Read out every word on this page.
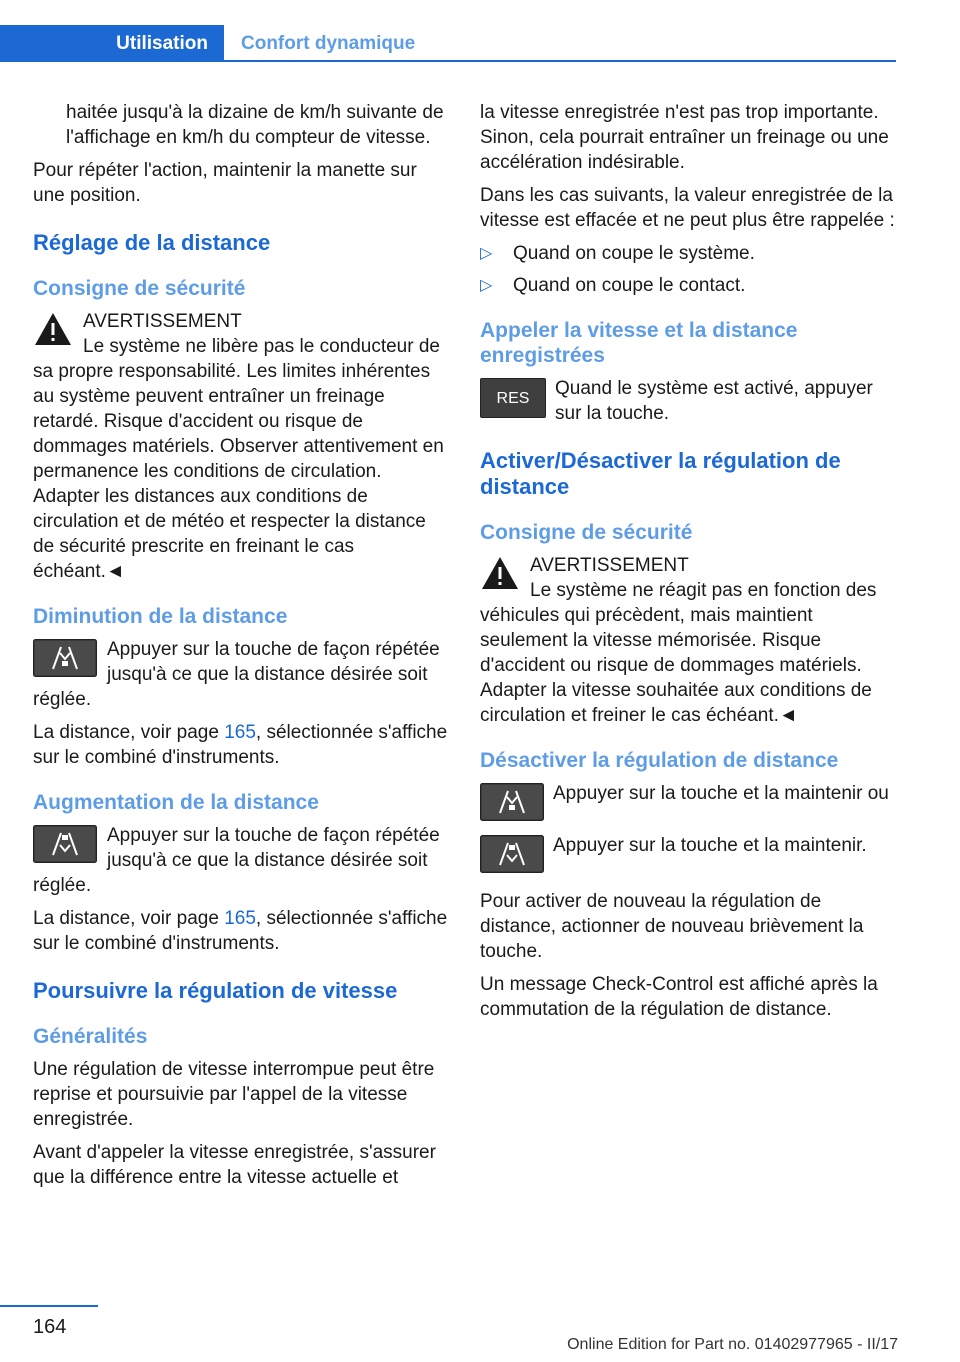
Utilisation	Confort dynamique

haitée jusqu'à la dizaine de km/h suivante de l'affichage en km/h du compteur de vitesse.

Pour répéter l'action, maintenir la manette sur une position.

Réglage de la distance
Consigne de sécurité
AVERTISSEMENT
Le système ne libère pas le conducteur de sa propre responsabilité. Les limites inhérentes au système peuvent entraîner un freinage retardé. Risque d'accident ou risque de dommages matériels. Observer attentivement en permanence les conditions de circulation. Adapter les distances aux conditions de circulation et de météo et respecter la distance de sécurité prescrite en freinant le cas échéant.◄
Diminution de la distance
Appuyer sur la touche de façon répétée jusqu'à ce que la distance désirée soit réglée.

La distance, voir page 165, sélectionnée s'affiche sur le combiné d'instruments.

Augmentation de la distance
Appuyer sur la touche de façon répétée jusqu'à ce que la distance désirée soit réglée.

La distance, voir page 165, sélectionnée s'affiche sur le combiné d'instruments.

Poursuivre la régulation de vitesse
Généralités

Une régulation de vitesse interrompue peut être reprise et poursuivie par l'appel de la vitesse enregistrée.

Avant d'appeler la vitesse enregistrée, s'assurer que la différence entre la vitesse actuelle et

la vitesse enregistrée n'est pas trop importante. Sinon, cela pourrait entraîner un freinage ou une accélération indésirable.

Dans les cas suivants, la valeur enregistrée de la vitesse est effacée et ne peut plus être rappelée :

▷ Quand on coupe le système.
▷ Quand on coupe le contact.
Appeler la vitesse et la distance enregistrées
RES Quand le système est activé, appuyer sur la touche.
Activer/Désactiver la régulation de distance
Consigne de sécurité
AVERTISSEMENT
Le système ne réagit pas en fonction des véhicules qui précèdent, mais maintient seulement la vitesse mémorisée. Risque d'accident ou risque de dommages matériels. Adapter la vitesse souhaitée aux conditions de circulation et freiner le cas échéant.◄
Désactiver la régulation de distance
Appuyer sur la touche et la maintenir ou
Appuyer sur la touche et la maintenir.

Pour activer de nouveau la régulation de distance, actionner de nouveau brièvement la touche.

Un message Check-Control est affiché après la commutation de la régulation de distance.

164
Online Edition for Part no. 01402977965 - II/17
